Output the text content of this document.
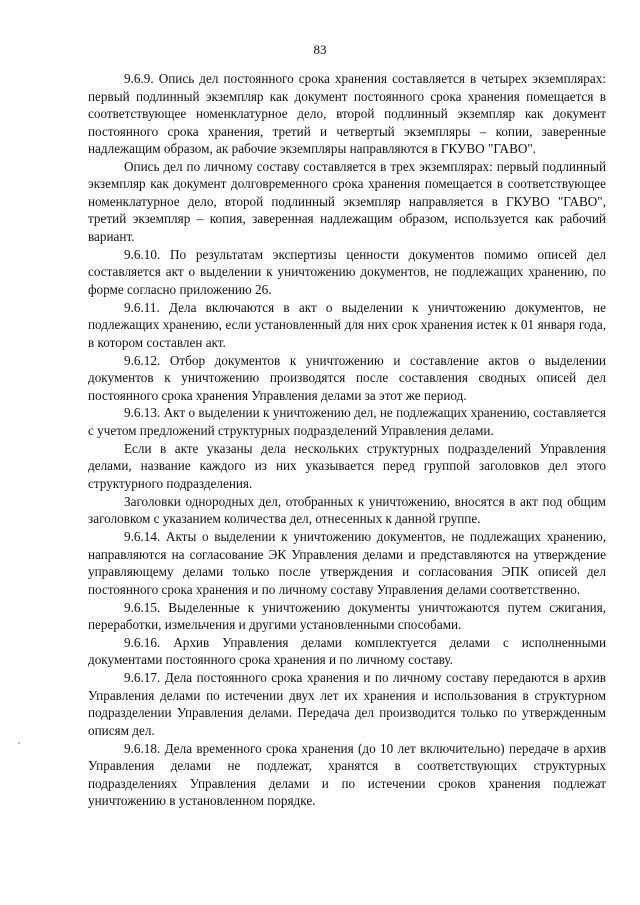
83

9.6.9. Опись дел постоянного срока хранения составляется в четырех экземплярах: первый подлинный экземпляр как документ постоянного срока хранения помещается в соответствующее номенклатурное дело, второй подлинный экземпляр как документ постоянного срока хранения, третий и четвертый экземпляры – копии, заверенные надлежащим образом, ак рабочие экземпляры направляются в ГКУВО "ГАВО".

Опись дел по личному составу составляется в трех экземплярах: первый подлинный экземпляр как документ долговременного срока хранения помещается в соответствующее номенклатурное дело, второй подлинный экземпляр направляется в ГКУВО "ГАВО", третий экземпляр – копия, заверенная надлежащим образом, используется как рабочий вариант.

9.6.10. По результатам экспертизы ценности документов помимо описей дел составляется акт о выделении к уничтожению документов, не подлежащих хранению, по форме согласно приложению 26.

9.6.11. Дела включаются в акт о выделении к уничтожению документов, не подлежащих хранению, если установленный для них срок хранения истек к 01 января года, в котором составлен акт.

9.6.12. Отбор документов к уничтожению и составление актов о выделении документов к уничтожению производятся после составления сводных описей дел постоянного срока хранения Управления делами за этот же период.

9.6.13. Акт о выделении к уничтожению дел, не подлежащих хранению, составляется с учетом предложений структурных подразделений Управления делами.

Если в акте указаны дела нескольких структурных подразделений Управления делами, название каждого из них указывается перед группой заголовков дел этого структурного подразделения.

Заголовки однородных дел, отобранных к уничтожению, вносятся в акт под общим заголовком с указанием количества дел, отнесенных к данной группе.

9.6.14. Акты о выделении к уничтожению документов, не подлежащих хранению, направляются на согласование ЭК Управления делами и представляются на утверждение управляющему делами только после утверждения и согласования ЭПК описей дел постоянного срока хранения и по личному составу Управления делами соответственно.

9.6.15. Выделенные к уничтожению документы уничтожаются путем сжигания, переработки, измельчения и другими установленными способами.

9.6.16. Архив Управления делами комплектуется делами с исполненными документами постоянного срока хранения и по личному составу.

9.6.17. Дела постоянного срока хранения и по личному составу передаются в архив Управления делами по истечении двух лет их хранения и использования в структурном подразделении Управления делами. Передача дел производится только по утвержденным описям дел.

9.6.18. Дела временного срока хранения (до 10 лет включительно) передаче в архив Управления делами не подлежат, хранятся в соответствующих структурных подразделениях Управления делами и по истечении сроков хранения подлежат уничтожению в установленном порядке.
